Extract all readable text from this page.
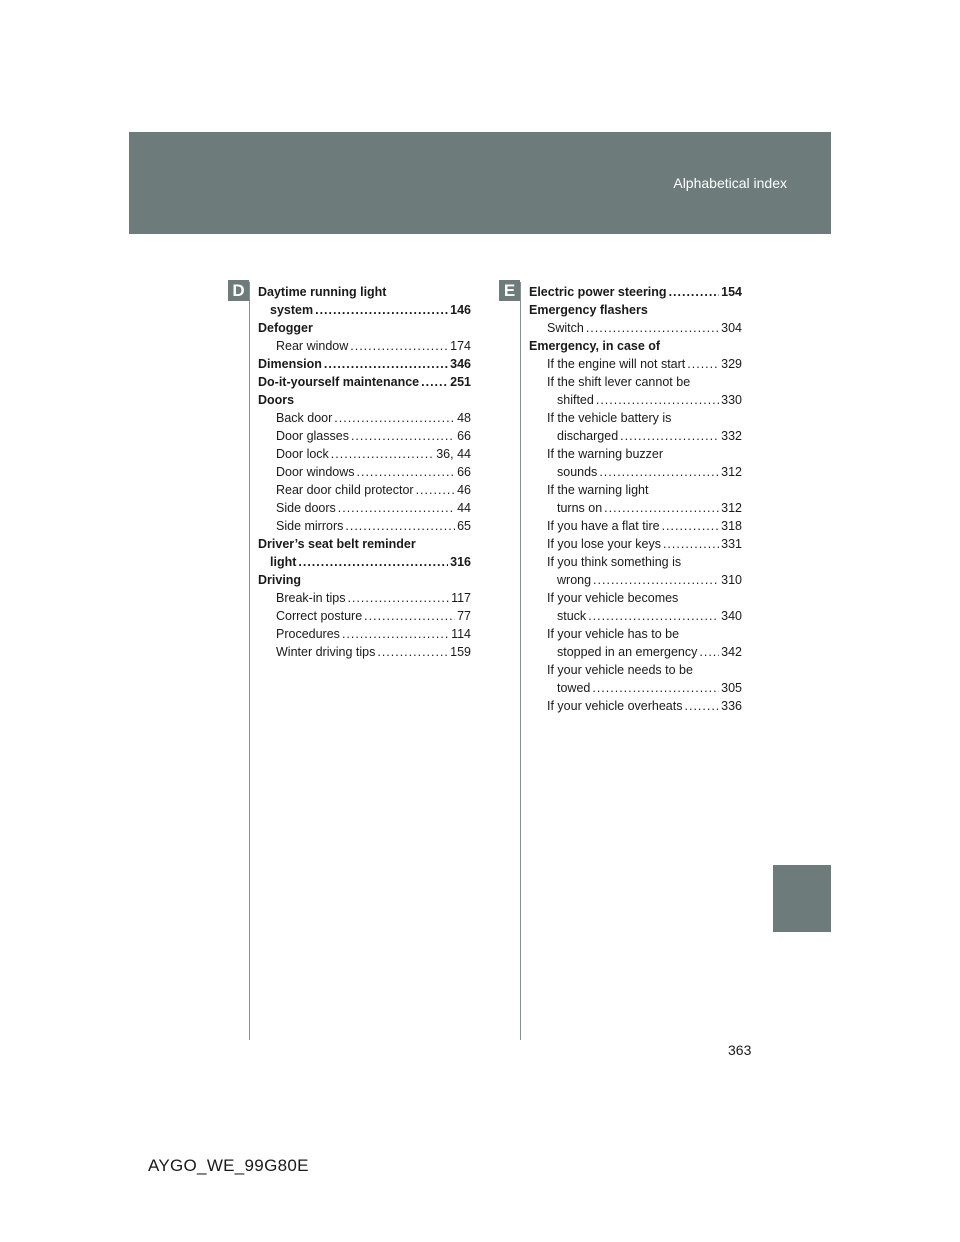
Alphabetical index
D	E
Daytime running light
system .....	146
Defogger
Rear window .....	174
Dimension .....	346
Do-it-yourself maintenance ..... 251
Doors
Back door .....	48
Door glasses .....	66
Door lock .....	36, 44
Door windows .....	66
Rear door child protector .....	46
Side doors .....	44
Side mirrors .....	65
Driver’s seat belt reminder
light .....	316
Driving
Break-in tips .....	117
Correct posture .....	77
Procedures .....	114
Winter driving tips .....	159
Electric power steering .....	154
Emergency flashers
Switch .....	304
Emergency, in case of
If the engine will not start .....	329
If the shift lever cannot be
shifted .....	330
If the vehicle battery is
discharged .....	332
If the warning buzzer
sounds .....	312
If the warning light
turns on .....	312
If you have a flat tire .....	318
If you lose your keys .....	331
If you think something is
wrong .....	310
If your vehicle becomes
stuck .....	340
If your vehicle has to be
stopped in an emergency ..... 342
If your vehicle needs to be
towed .....	305
If your vehicle overheats .....	336
363
AYGO_WE_99G80E
